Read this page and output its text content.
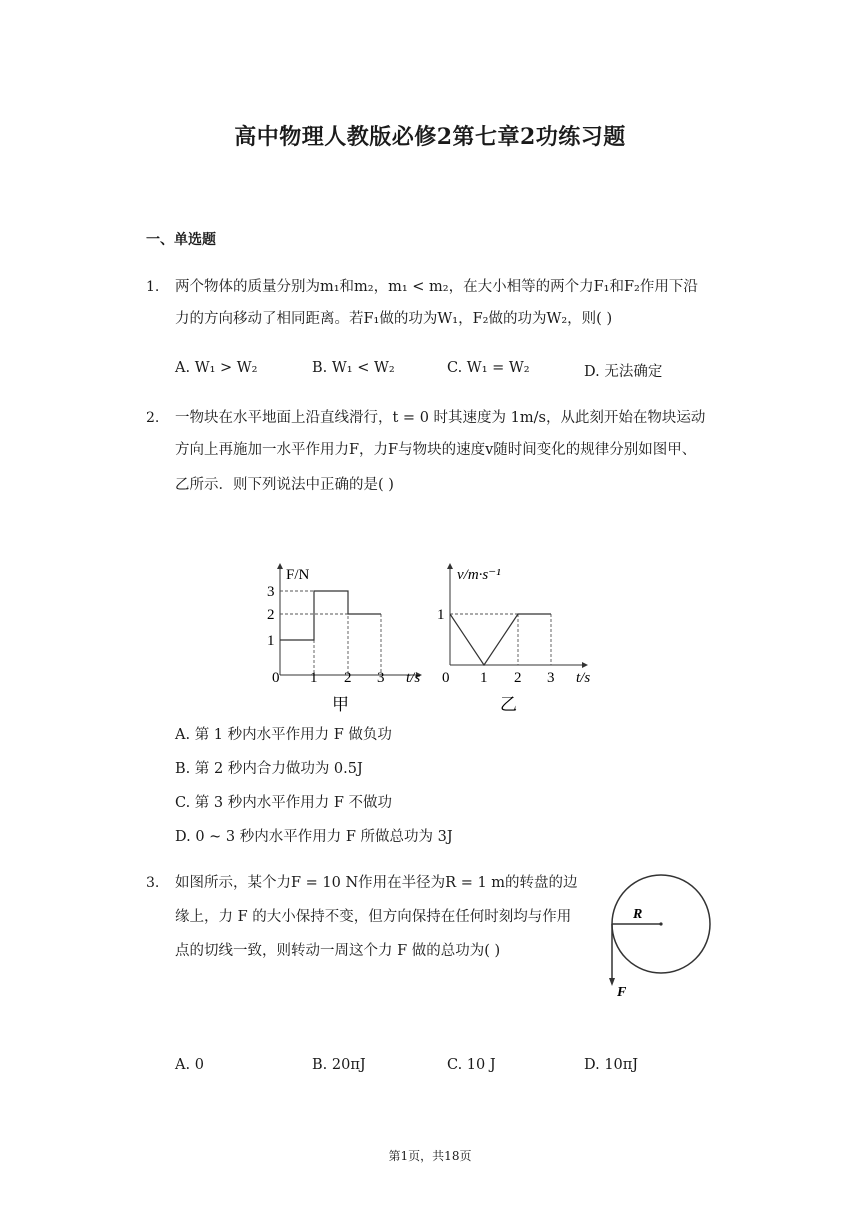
高中物理人教版必修2第七章2功练习题
一、单选题
1. 两个物体的质量分别为m₁和m₂，m₁ < m₂，在大小相等的两个力F₁和F₂作用下沿
力的方向移动了相同距离。若F₁做的功为W₁，F₂做的功为W₂，则( )
A. W₁ > W₂	B. W₁ < W₂	C. W₁ = W₂	D. 无法确定
2. 一物块在水平地面上沿直线滑行，t = 0 时其速度为 1m/s，从此刻开始在物块运动
方向上再施加一水平作用力F，力F与物块的速度v随时间变化的规律分别如图甲、
乙所示．则下列说法中正确的是( )
F/N
3
2
1
0 1 2 3 t/s
甲
v/m·s⁻¹
1
0 1 2 3 t/s
乙
A. 第 1 秒内水平作用力 F 做负功
B. 第 2 秒内合力做功为 0.5J
C. 第 3 秒内水平作用力 F 不做功
D. 0 ~ 3 秒内水平作用力 F 所做总功为 3J
3. 如图所示，某个力F = 10 N作用在半径为R = 1 m的转盘的边
缘上，力 F 的大小保持不变，但方向保持在任何时刻均与作用
点的切线一致，则转动一周这个力 F 做的总功为( )
R
F
A. 0	B. 20πJ	C. 10 J	D. 10πJ
第1页，共18页
